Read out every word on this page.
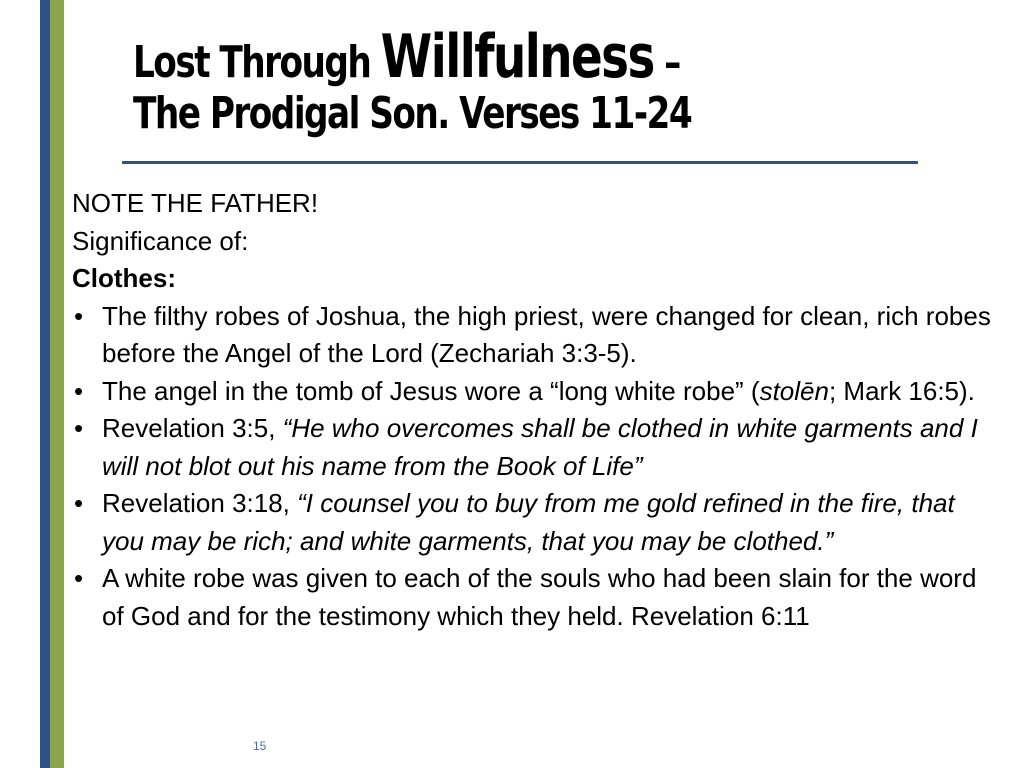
Lost Through Willfulness –
The Prodigal Son. Verses 11-24

NOTE THE FATHER!

Significance of:

Clothes:

• The filthy robes of Joshua, the high priest, were changed for clean, rich robes before the Angel of the Lord (Zechariah 3:3-5).
• The angel in the tomb of Jesus wore a “long white robe” (stolēn; Mark 16:5).
• Revelation 3:5, “He who overcomes shall be clothed in white garments and I will not blot out his name from the Book of Life”
• Revelation 3:18, “I counsel you to buy from me gold refined in the fire, that you may be rich; and white garments, that you may be clothed.”
• A white robe was given to each of the souls who had been slain for the word of God and for the testimony which they held. Revelation 6:11
15
